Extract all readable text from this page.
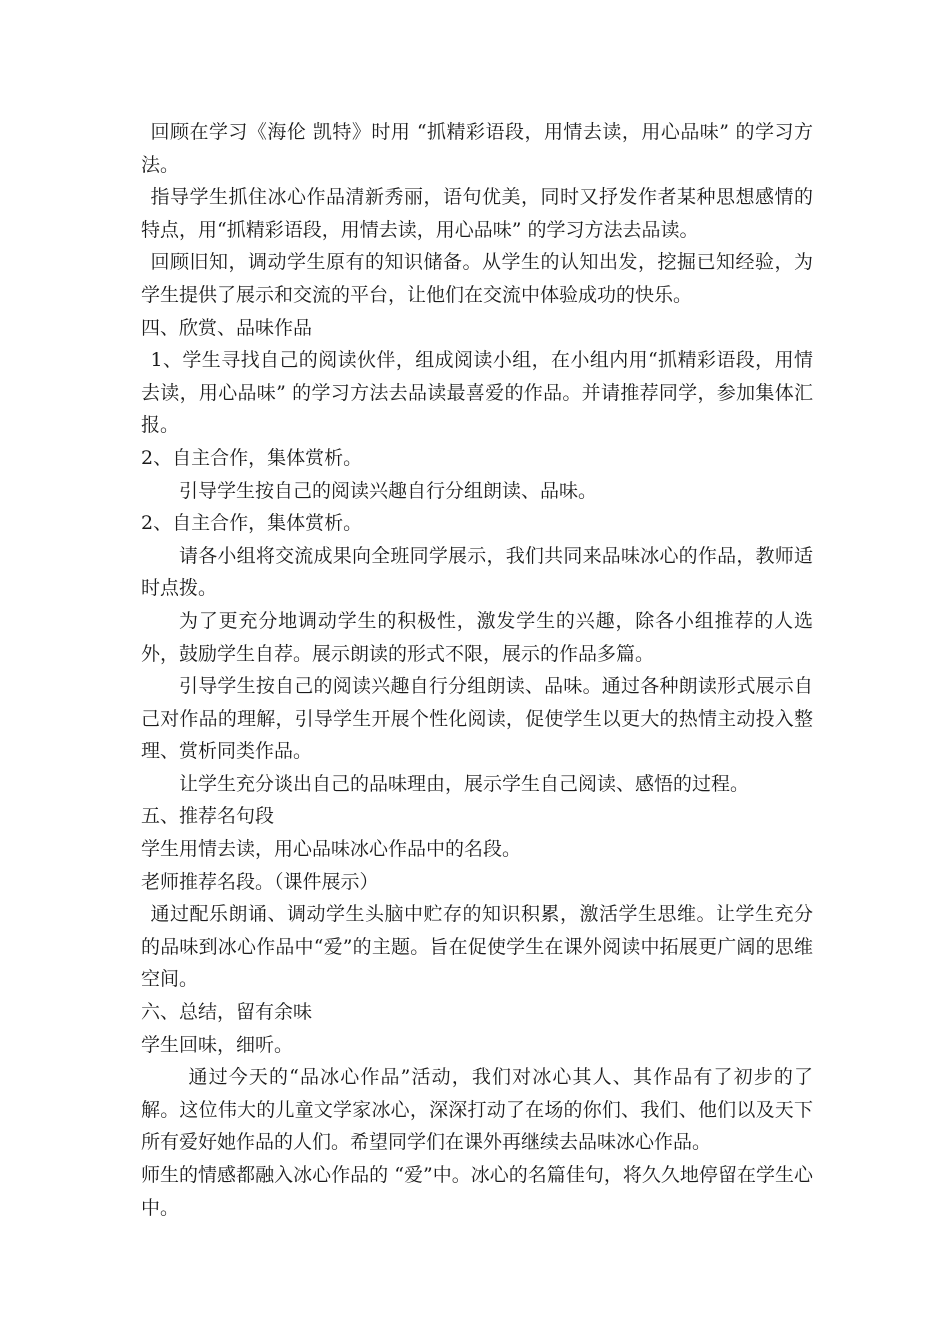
回顾在学习《海伦 凯特》时用 “抓精彩语段，用情去读，用心品味” 的学习方法。

指导学生抓住冰心作品清新秀丽，语句优美，同时又抒发作者某种思想感情的特点，用“抓精彩语段，用情去读，用心品味” 的学习方法去品读。

回顾旧知，调动学生原有的知识储备。从学生的认知出发，挖掘已知经验，为学生提供了展示和交流的平台，让他们在交流中体验成功的快乐。

四、欣赏、品味作品

1、学生寻找自己的阅读伙伴，组成阅读小组，在小组内用“抓精彩语段，用情去读，用心品味” 的学习方法去品读最喜爱的作品。并请推荐同学，参加集体汇报。

2、自主合作，集体赏析。

引导学生按自己的阅读兴趣自行分组朗读、品味。

2、自主合作，集体赏析。

请各小组将交流成果向全班同学展示，我们共同来品味冰心的作品，教师适时点拨。

为了更充分地调动学生的积极性，激发学生的兴趣，除各小组推荐的人选外，鼓励学生自荐。展示朗读的形式不限，展示的作品多篇。

引导学生按自己的阅读兴趣自行分组朗读、品味。通过各种朗读形式展示自己对作品的理解，引导学生开展个性化阅读，促使学生以更大的热情主动投入整理、赏析同类作品。

让学生充分谈出自己的品味理由，展示学生自己阅读、感悟的过程。

五、推荐名句段

学生用情去读，用心品味冰心作品中的名段。

老师推荐名段。（课件展示）

通过配乐朗诵、调动学生头脑中贮存的知识积累，激活学生思维。让学生充分的品味到冰心作品中“爱”的主题。旨在促使学生在课外阅读中拓展更广阔的思维空间。

六、总结，留有余味

学生回味，细听。

通过今天的“品冰心作品”活动，我们对冰心其人、其作品有了初步的了解。这位伟大的儿童文学家冰心，深深打动了在场的你们、我们、他们以及天下所有爱好她作品的人们。希望同学们在课外再继续去品味冰心作品。

师生的情感都融入冰心作品的 “爱”中。冰心的名篇佳句，将久久地停留在学生心中。
